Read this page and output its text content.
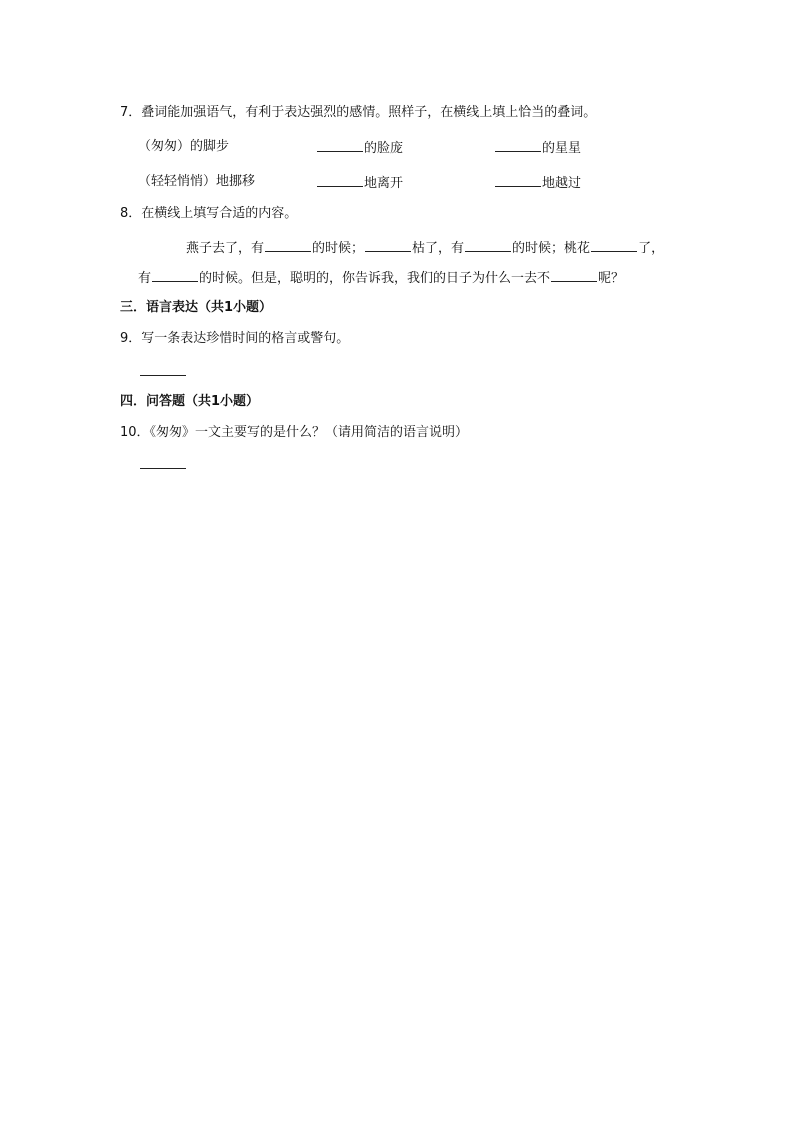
7．叠词能加强语气，有利于表达强烈的感情。照样子，在横线上填上恰当的叠词。
（匆匆）的脚步	的脸庞	的星星
（轻轻悄悄）地挪移	地离开	地越过
8．在横线上填写合适的内容。
燕子去了，有	的时候；	枯了，有	的时候；桃花	了，
有	的时候。但是，聪明的，你告诉我，我们的日子为什么一去不	呢？
三．语言表达（共1小题）
9．写一条表达珍惜时间的格言或警句。
四．问答题（共1小题）
10．《匆匆》一文主要写的是什么？（请用简洁的语言说明）
